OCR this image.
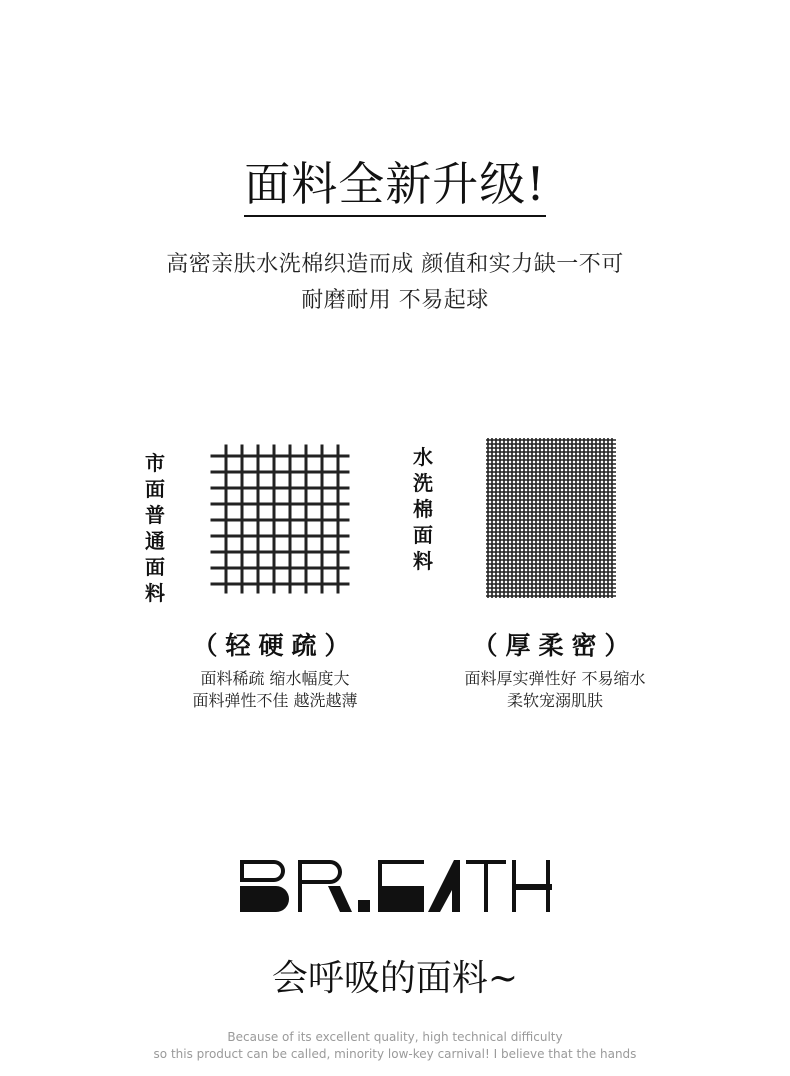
面料全新升级!
高密亲肤水洗棉织造而成 颜值和实力缺一不可
耐磨耐用 不易起球
市面普通面料
（轻硬疏）
面料稀疏 缩水幅度大
面料弹性不佳 越洗越薄
水洗棉面料
（厚柔密）
面料厚实弹性好 不易缩水
柔软宠溺肌肤
会呼吸的面料~
Because of its excellent quality, high technical difficulty
so this product can be called, minority low-key carnival! I believe that the hands
